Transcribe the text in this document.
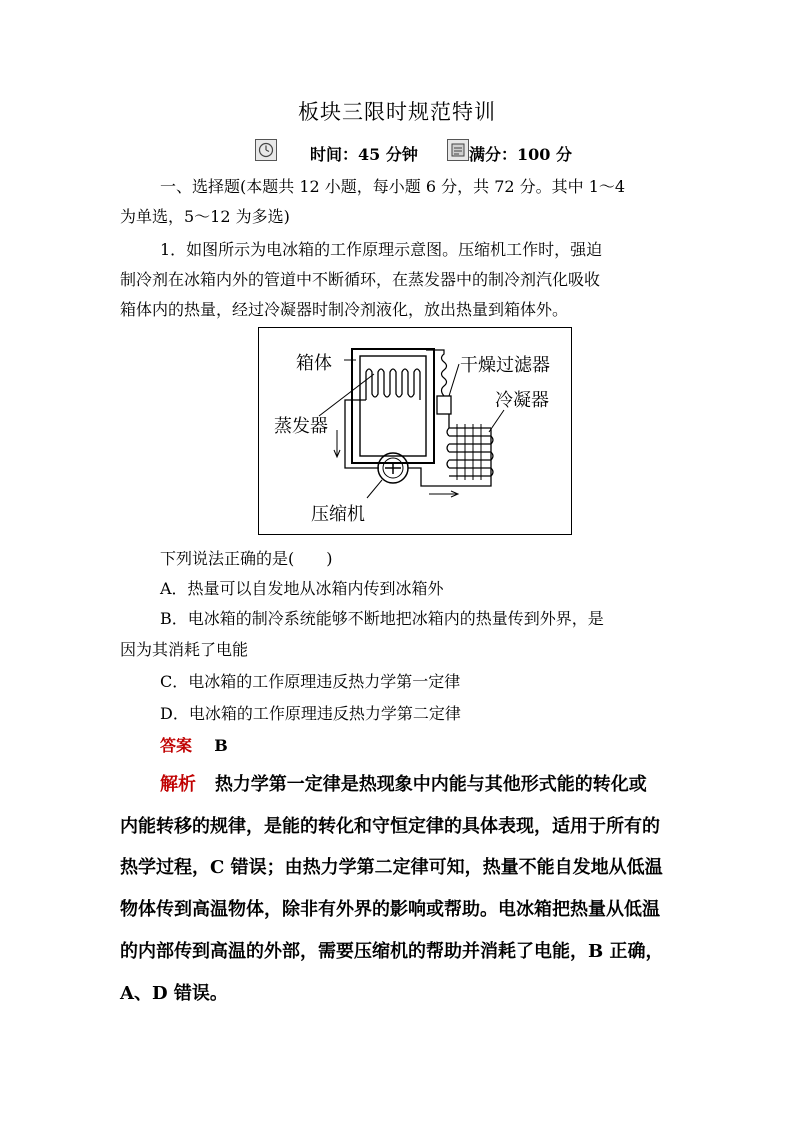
板块三限时规范特训
时间：45 分钟	满分：100 分
一、选择题(本题共 12 小题，每小题 6 分，共 72 分。其中 1～4
为单选，5～12 为多选)
1．如图所示为电冰箱的工作原理示意图。压缩机工作时，强迫
制冷剂在冰箱内外的管道中不断循环，在蒸发器中的制冷剂汽化吸收
箱体内的热量，经过冷凝器时制冷剂液化，放出热量到箱体外。
箱体	干燥过滤器
冷凝器
蒸发器
压缩机
下列说法正确的是(　　)
A．热量可以自发地从冰箱内传到冰箱外
B．电冰箱的制冷系统能够不断地把冰箱内的热量传到外界，是
因为其消耗了电能
C．电冰箱的工作原理违反热力学第一定律
D．电冰箱的工作原理违反热力学第二定律
答案 B
解析 热力学第一定律是热现象中内能与其他形式能的转化或
内能转移的规律，是能的转化和守恒定律的具体表现，适用于所有的
热学过程，C 错误；由热力学第二定律可知，热量不能自发地从低温
物体传到高温物体，除非有外界的影响或帮助。电冰箱把热量从低温
的内部传到高温的外部，需要压缩机的帮助并消耗了电能，B 正确，
A、D 错误。
